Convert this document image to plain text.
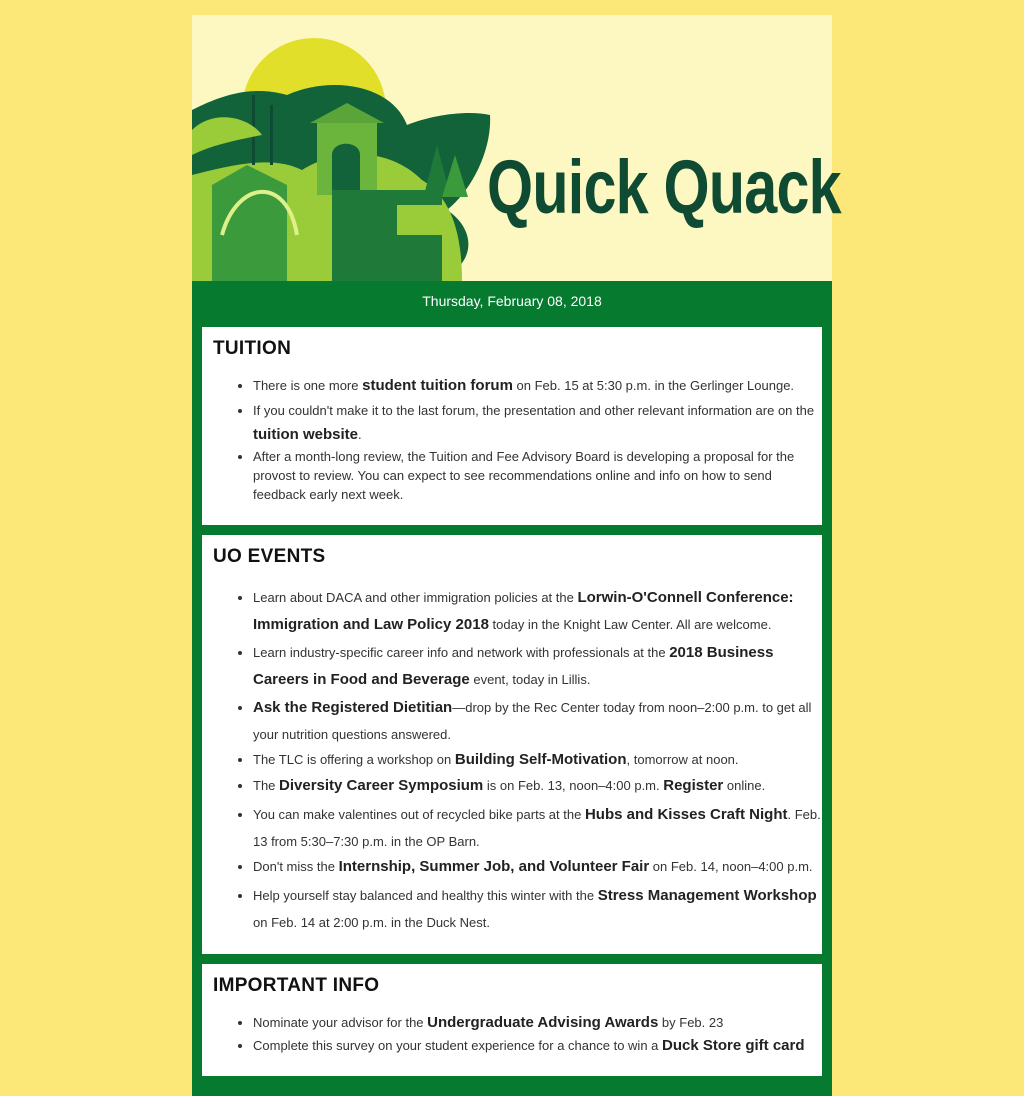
Quick Quack
Thursday, February 08, 2018
TUITION
• There is one more student tuition forum on Feb. 15 at 5:30 p.m. in the Gerlinger Lounge.
• If you couldn't make it to the last forum, the presentation and other relevant information are on the tuition website.
• After a month-long review, the Tuition and Fee Advisory Board is developing a proposal for the provost to review. You can expect to see recommendations online and info on how to send feedback early next week.
UO EVENTS
• Learn about DACA and other immigration policies at the Lorwin-O'Connell Conference: Immigration and Law Policy 2018 today in the Knight Law Center. All are welcome.
• Learn industry-specific career info and network with professionals at the 2018 Business Careers in Food and Beverage event, today in Lillis.
• Ask the Registered Dietitian—drop by the Rec Center today from noon–2:00 p.m. to get all your nutrition questions answered.
• The TLC is offering a workshop on Building Self-Motivation, tomorrow at noon.
• The Diversity Career Symposium is on Feb. 13, noon–4:00 p.m. Register online.
• You can make valentines out of recycled bike parts at the Hubs and Kisses Craft Night. Feb. 13 from 5:30–7:30 p.m. in the OP Barn.
• Don't miss the Internship, Summer Job, and Volunteer Fair on Feb. 14, noon–4:00 p.m.
• Help yourself stay balanced and healthy this winter with the Stress Management Workshop on Feb. 14 at 2:00 p.m. in the Duck Nest.
IMPORTANT INFO
• Nominate your advisor for the Undergraduate Advising Awards by Feb. 23
• Complete this survey on your student experience for a chance to win a Duck Store gift card
